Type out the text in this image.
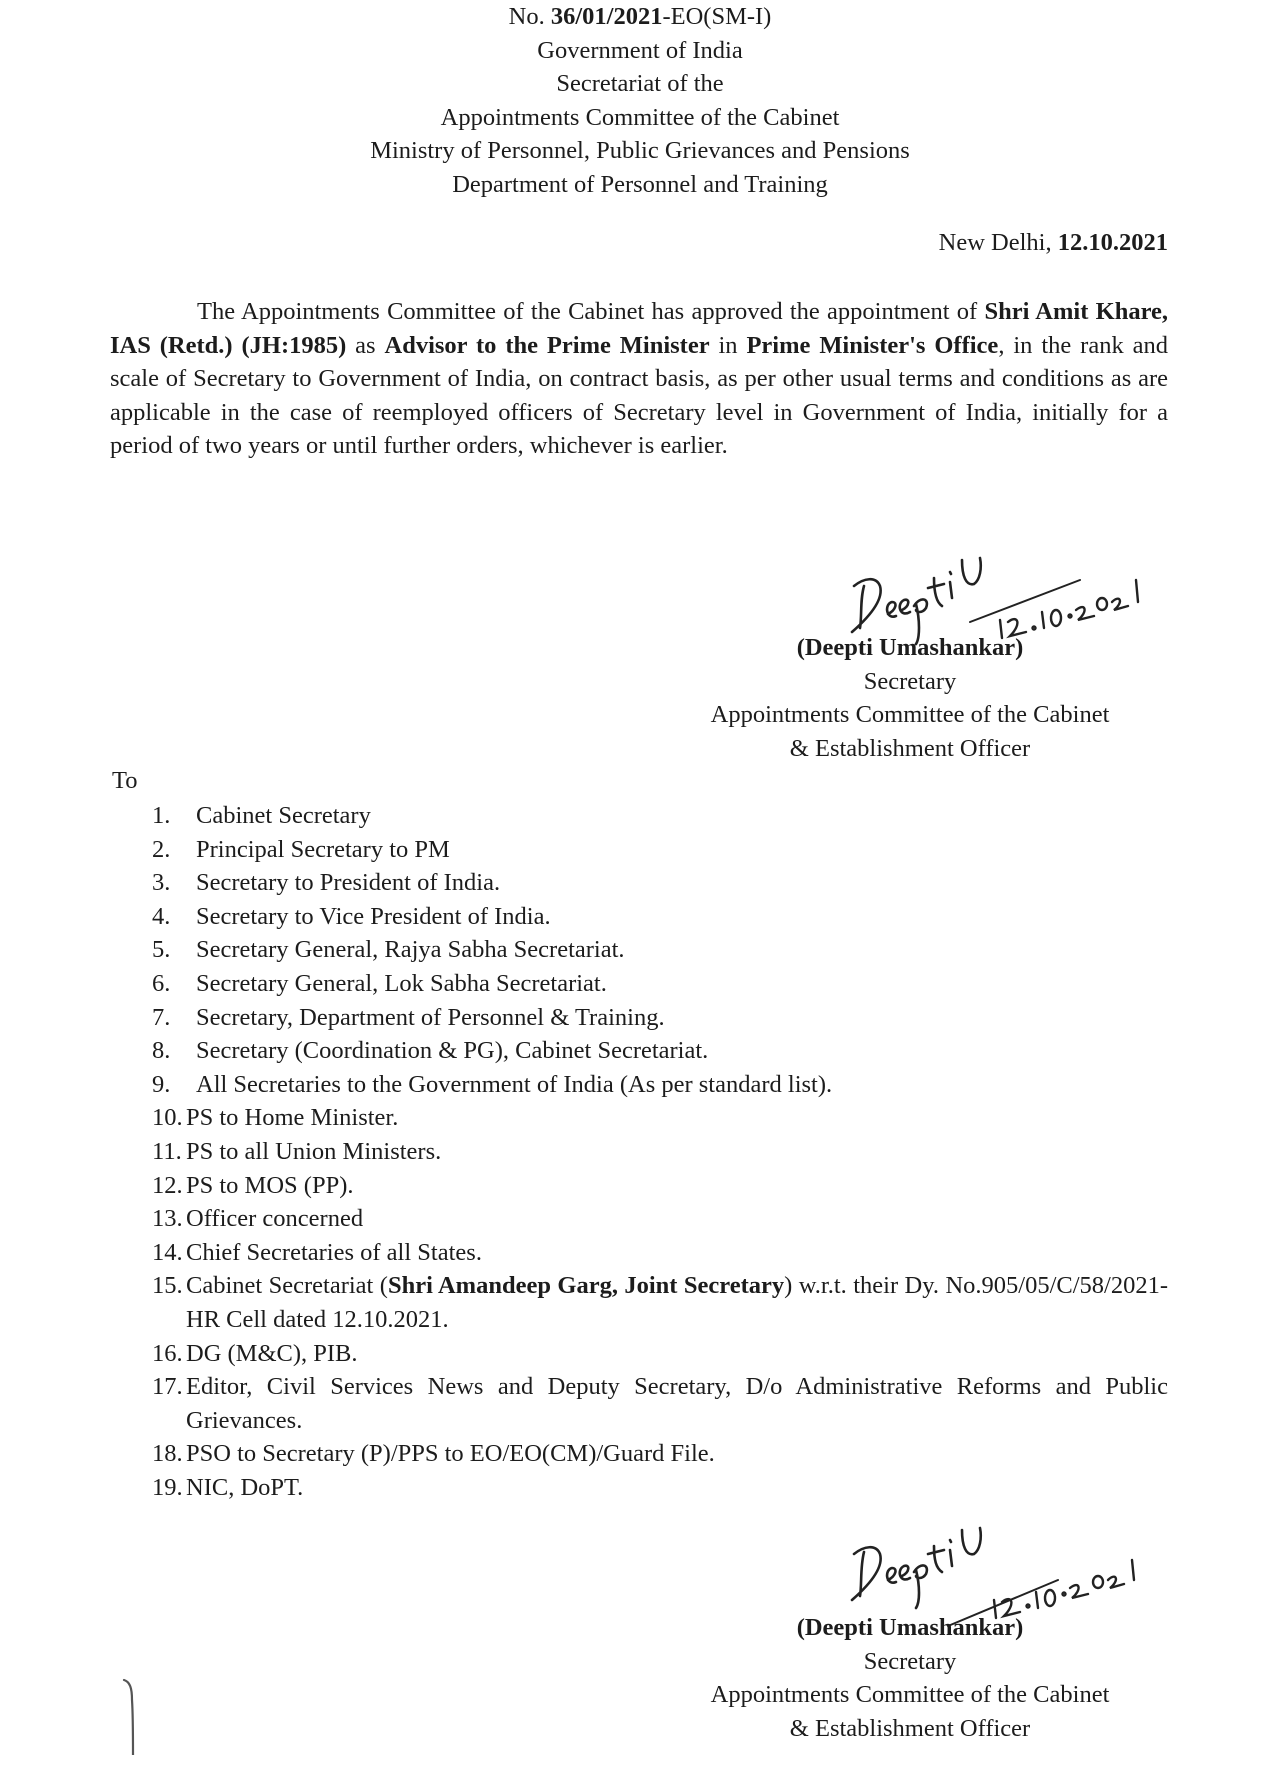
No. 36/01/2021-EO(SM-I)
Government of India
Secretariat of the
Appointments Committee of the Cabinet
Ministry of Personnel, Public Grievances and Pensions
Department of Personnel and Training
New Delhi, 12.10.2021
The Appointments Committee of the Cabinet has approved the appointment of Shri Amit Khare, IAS (Retd.) (JH:1985) as Advisor to the Prime Minister in Prime Minister's Office, in the rank and scale of Secretary to Government of India, on contract basis, as per other usual terms and conditions as are applicable in the case of reemployed officers of Secretary level in Government of India, initially for a period of two years or until further orders, whichever is earlier.
(Deepti Umashankar)
Secretary
Appointments Committee of the Cabinet
& Establishment Officer
To
1.	Cabinet Secretary
2.	Principal Secretary to PM
3.	Secretary to President of India.
4.	Secretary to Vice President of India.
5.	Secretary General, Rajya Sabha Secretariat.
6.	Secretary General, Lok Sabha Secretariat.
7.	Secretary, Department of Personnel & Training.
8.	Secretary (Coordination & PG), Cabinet Secretariat.
9.	All Secretaries to the Government of India (As per standard list).
10. PS to Home Minister.
11. PS to all Union Ministers.
12. PS to MOS (PP).
13. Officer concerned
14. Chief Secretaries of all States.
15. Cabinet Secretariat (Shri Amandeep Garg, Joint Secretary) w.r.t. their Dy. No.905/05/C/58/2021-HR Cell dated 12.10.2021.
16. DG (M&C), PIB.
17. Editor, Civil Services News and Deputy Secretary, D/o Administrative Reforms and Public Grievances.
18. PSO to Secretary (P)/PPS to EO/EO(CM)/Guard File.
19. NIC, DoPT.
(Deepti Umashankar)
Secretary
Appointments Committee of the Cabinet
& Establishment Officer
